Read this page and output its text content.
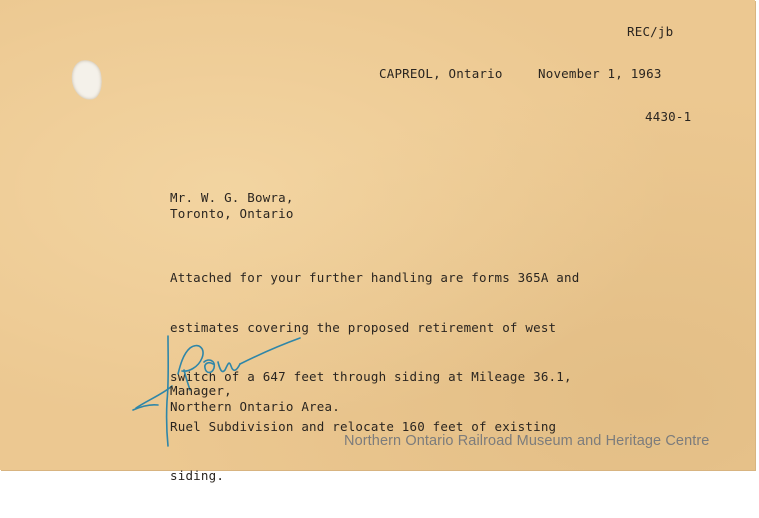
REC/jb
CAPREOL, Ontario	November 1, 1963
4430-1
Mr. W. G. Bowra,
Toronto, Ontario

Attached for your further handling are forms 365A and

estimates covering the proposed retirement of west

switch of a 647 feet through siding at Mileage 36.1,

Ruel Subdivision and relocate 160 feet of existing

siding.

Manager,
Northern Ontario Area.
Northern Ontario Railroad Museum and Heritage Centre
